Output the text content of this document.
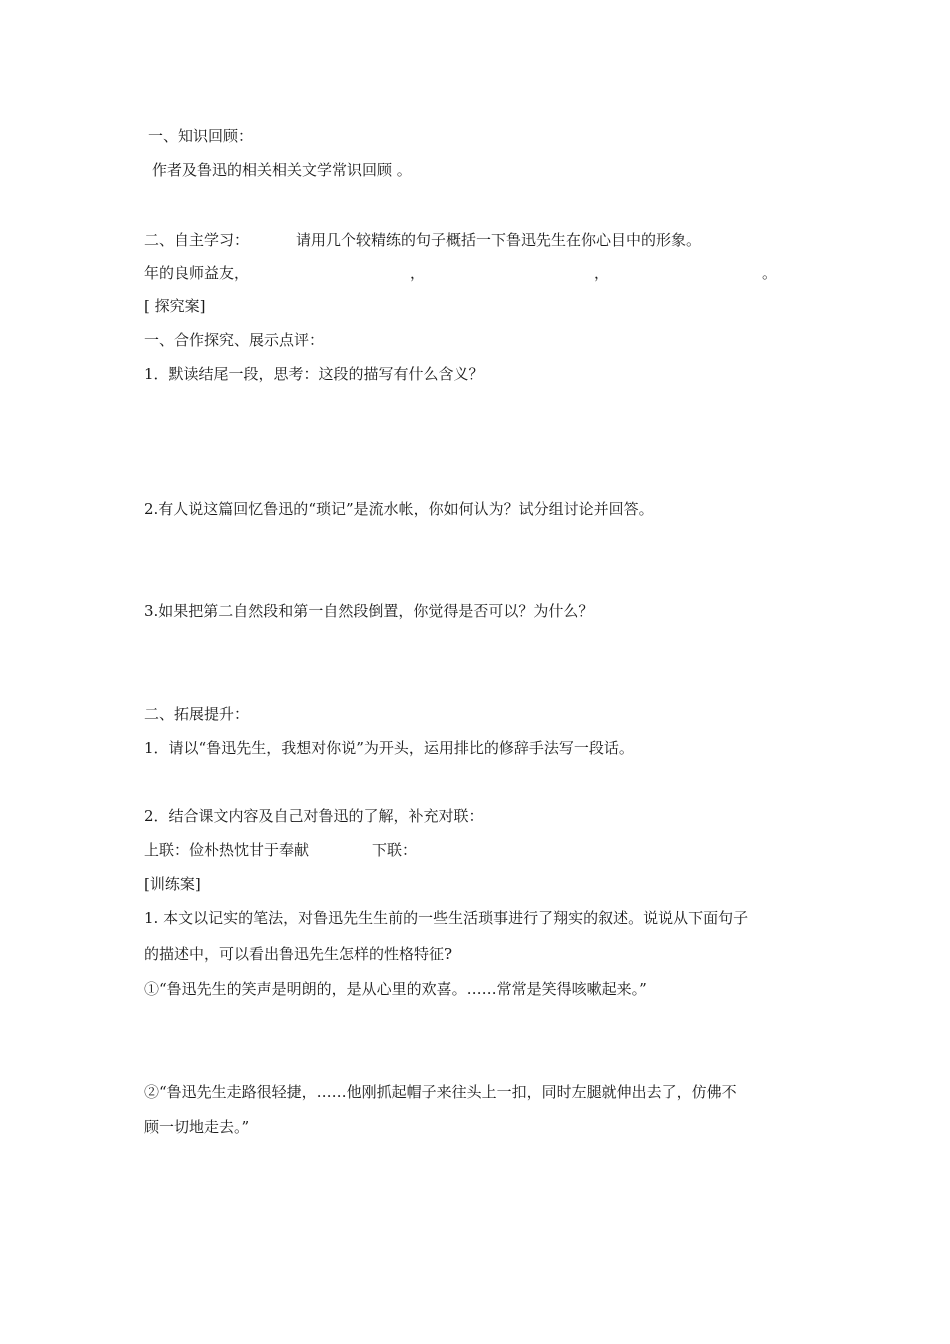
一、知识回顾：
作者及鲁迅的相关相关文学常识回顾 。
二、自主学习：	请用几个较精练的句子概括一下鲁迅先生在你心目中的形象。
年的良师益友，	，	，	。
[ 探究案]
一、合作探究、展示点评：
1．默读结尾一段，思考：这段的描写有什么含义？
2.有人说这篇回忆鲁迅的“琐记”是流水帐，你如何认为？试分组讨论并回答。
3.如果把第二自然段和第一自然段倒置，你觉得是否可以？为什么？
二、拓展提升：
1．请以“鲁迅先生，我想对你说”为开头，运用排比的修辞手法写一段话。
2．结合课文内容及自己对鲁迅的了解，补充对联：
上联：俭朴热忱甘于奉献	下联：
[训练案]
1. 本文以记实的笔法，对鲁迅先生生前的一些生活琐事进行了翔实的叙述。说说从下面句子
的描述中，可以看出鲁迅先生怎样的性格特征?
①“鲁迅先生的笑声是明朗的，是从心里的欢喜。……常常是笑得咳嗽起来。”
②“鲁迅先生走路很轻捷，……他刚抓起帽子来往头上一扣，同时左腿就伸出去了，仿佛不
顾一切地走去。”
